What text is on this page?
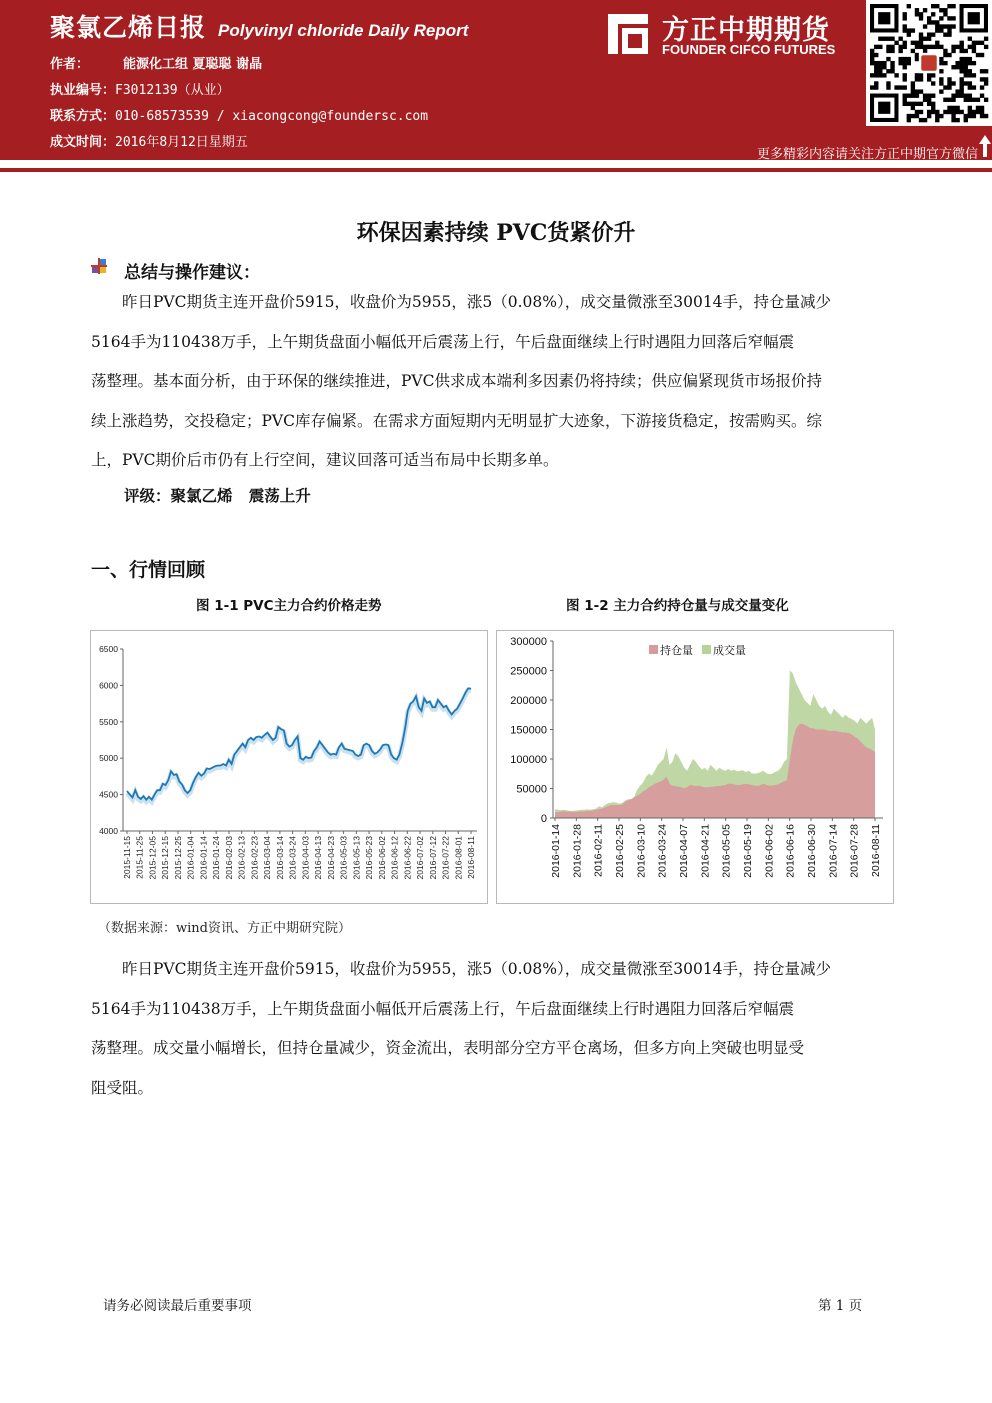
聚氯乙烯日报 Polyvinyl chloride Daily Report
作者：	能源化工组 夏聪聪 谢晶
执业编号：F3012139（从业）
联系方式：010-68573539 / xiacongcong@foundersc.com
成文时间：2016年8月12日星期五
方正中期期货
FOUNDER CIFCO FUTURES
更多精彩内容请关注方正中期官方微信
环保因素持续 PVC货紧价升
总结与操作建议：
　　昨日PVC期货主连开盘价5915，收盘价为5955，涨5（0.08%），成交量微涨至30014手，持仓量减少
5164手为110438万手，上午期货盘面小幅低开后震荡上行，午后盘面继续上行时遇阻力回落后窄幅震
荡整理。基本面分析，由于环保的继续推进，PVC供求成本端利多因素仍将持续；供应偏紧现货市场报价持
续上涨趋势，交投稳定；PVC库存偏紧。在需求方面短期内无明显扩大迹象，下游接货稳定，按需购买。综
上，PVC期价后市仍有上行空间，建议回落可适当布局中长期多单。
评级：聚氯乙烯   震荡上升
一、行情回顾
图 1-1 PVC主力合约价格走势	图 1-2 主力合约持仓量与成交量变化
4000
4500
5000
5500
6000
6500
2015-11-15 2015-11-25 2015-12-05 2015-12-15 2015-12-25 2016-01-04 2016-01-14 2016-01-24 2016-02-03 2016-02-13 2016-02-23 2016-03-04 2016-03-14 2016-03-24 2016-04-03 2016-04-13 2016-04-23 2016-05-03 2016-05-13 2016-05-23 2016-06-02 2016-06-12 2016-06-22 2016-07-02 2016-07-12 2016-07-22 2016-08-01 2016-08-11
0
50000
100000
150000
200000
250000
300000
2016-01-14 2016-01-28 2016-02-11 2016-02-25 2016-03-10 2016-03-24 2016-04-07 2016-04-21 2016-05-05 2016-05-19 2016-06-02 2016-06-16 2016-06-30 2016-07-14 2016-07-28 2016-08-11
持仓量 成交量
（数据来源：wind资讯、方正中期研究院）
　　昨日PVC期货主连开盘价5915，收盘价为5955，涨5（0.08%），成交量微涨至30014手，持仓量减少
5164手为110438万手，上午期货盘面小幅低开后震荡上行，午后盘面继续上行时遇阻力回落后窄幅震
荡整理。成交量小幅增长，但持仓量减少，资金流出，表明部分空方平仓离场，但多方向上突破也明显受
阻受阻。
请务必阅读最后重要事项	第 1 页
